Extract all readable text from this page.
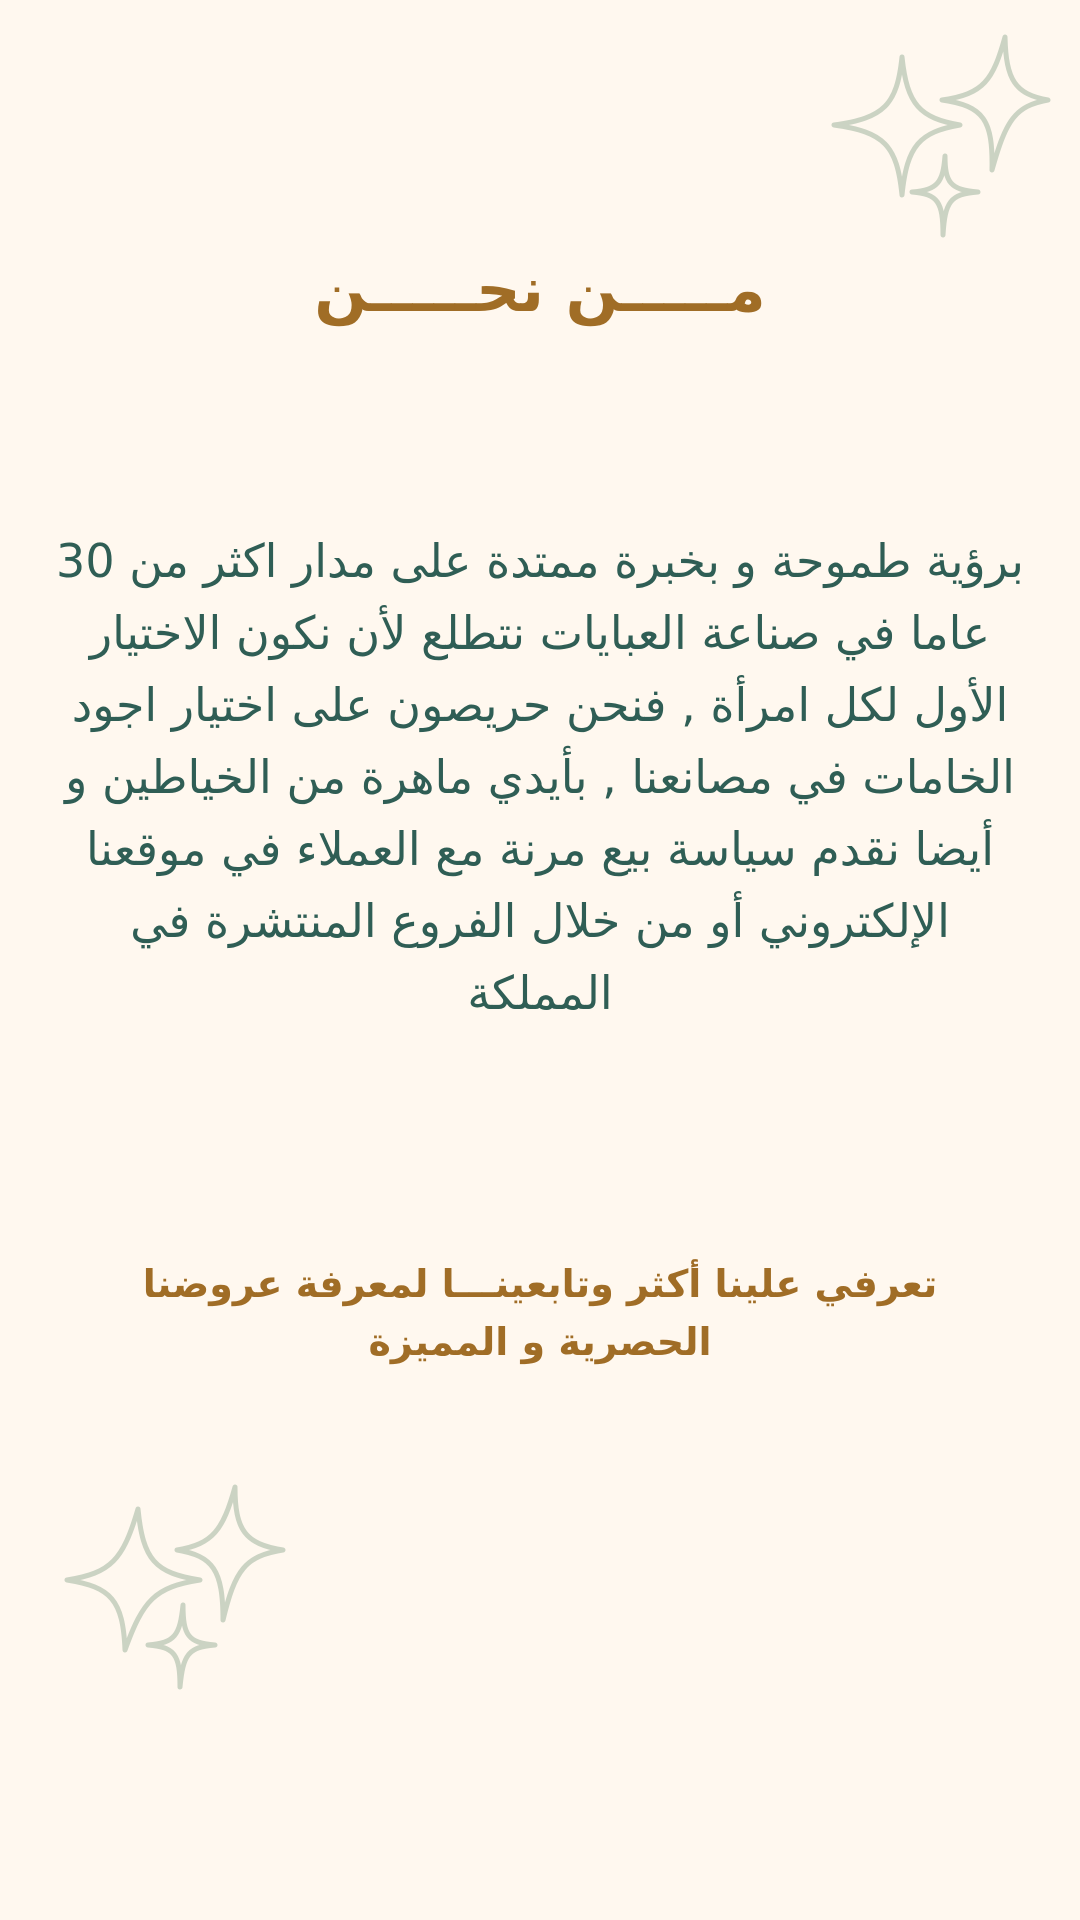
مـــــن نحـــــن

برؤية طموحة و بخبرة ممتدة على مدار اكثر من 30 عاما في صناعة العبايات نتطلع لأن نكون الاختيار الأول لكل امرأة , فنحن حريصون على اختيار اجود الخامات في مصانعنا , بأيدي ماهرة من الخياطين و أيضا نقدم سياسة بيع مرنة مع العملاء في موقعنا الإلكتروني أو من خلال الفروع المنتشرة في المملكة

تعرفي علينا أكثر وتابعينـــا لمعرفة عروضنا الحصرية و المميزة
